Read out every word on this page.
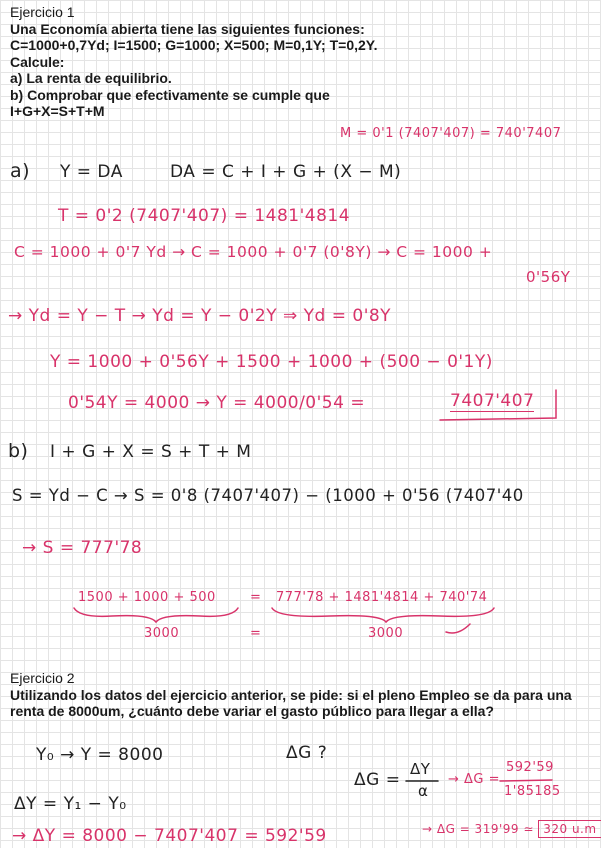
Ejercicio 1
Una Economía abierta tiene las siguientes funciones:
C=1000+0,7Yd; I=1500; G=1000; X=500; M=0,1Y; T=0,2Y.
Calcule:
a) La renta de equilibrio.
b) Comprobar que efectivamente se cumple que
I+G+X=S+T+M
M = 0'1 (7407'407) = 740'7407
a) Y = DA	DA = C + I + G + (X − M)
T = 0'2 (7407'407) = 1481'4814
C = 1000 + 0'7 Yd → C = 1000 + 0'7 (0'8Y) → C = 1000 +
0'56Y
→ Yd = Y − T → Yd = Y − 0'2Y ⇒ Yd = 0'8Y
Y = 1000 + 0'56Y + 1500 + 1000 + (500 − 0'1Y)
0'54Y = 4000 → Y = 4000/0'54 =	7407'407
b) I + G + X = S + T + M
S = Yd − C → S = 0'8 (7407'407) − (1000 + 0'56 (7407'40
→ S = 777'78
1500 + 1000 + 500	= 777'78 + 1481'4814 + 740'74
3000	=	3000
Ejercicio 2
Utilizando los datos del ejercicio anterior, se pide: si el pleno Empleo se da para una
renta de 8000um, ¿cuánto debe variar el gasto público para llegar a ella?
Y₀ → Y = 8000	ΔG ?
ΔG =
ΔY
α
→ ΔG =
592'59
1'85185
ΔY = Y₁ − Y₀
→ ΔY = 8000 − 7407'407 = 592'59	→ ΔG = 319'99 ≃ 320 u.m
